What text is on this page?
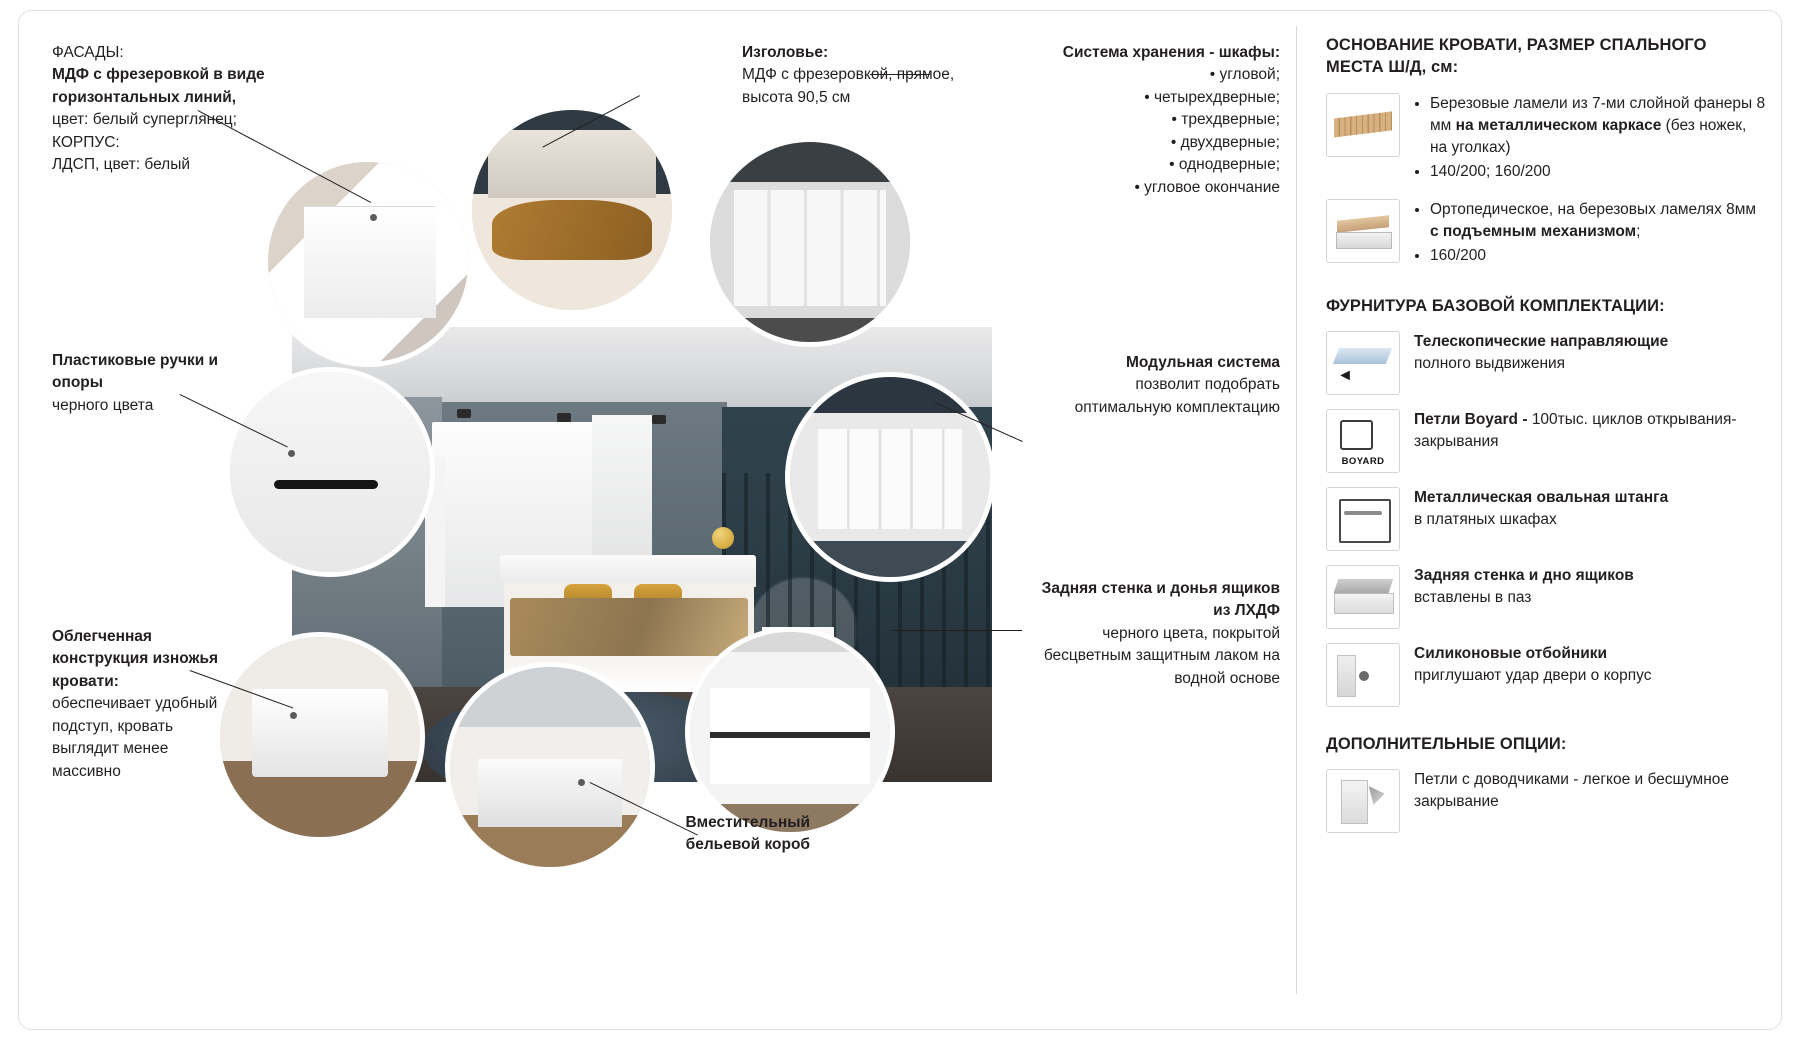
ФАСАДЫ:
МДФ с фрезеровкой в виде горизонтальных линий,
цвет: белый суперглянец;
КОРПУС:
ЛДСП, цвет: белый
Изголовье:
МДФ с фрезеровкой, прямое, высота 90,5 см
Система хранения - шкафы:
• угловой;
• четырехдверные;
• трехдверные;
• двухдверные;
• однодверные;
• угловое окончание
Пластиковые ручки и опоры
черного цвета
Модульная система
позволит подобрать оптимальную комплектацию
Облегченная конструкция изножья кровати:
обеспечивает удобный подступ, кровать выглядит менее массивно
Вместительный бельевой короб
Задняя стенка и донья ящиков из ЛХДФ
черного цвета, покрытой бесцветным защитным лаком на водной основе
ОСНОВАНИЕ КРОВАТИ, РАЗМЕР СПАЛЬНОГО МЕСТА Ш/Д, см:
• Березовые ламели из 7-ми слойной фанеры 8 мм на металлическом каркасе (без ножек, на уголках)
• 140/200; 160/200
• Ортопедическое, на березовых ламелях 8мм с подъемным механизмом;
• 160/200
ФУРНИТУРА БАЗОВОЙ КОМПЛЕКТАЦИИ:
◄
Телескопические направляющие
полного выдвижения
BOYARD
Петли Boyard - 100тыс. циклов открывания-закрывания
Металлическая овальная штанга
в платяных шкафах
Задняя стенка и дно ящиков
вставлены в паз
Силиконовые отбойники
приглушают удар двери о корпус
ДОПОЛНИТЕЛЬНЫЕ ОПЦИИ:
Петли с доводчиками - легкое и бесшумное закрывание
